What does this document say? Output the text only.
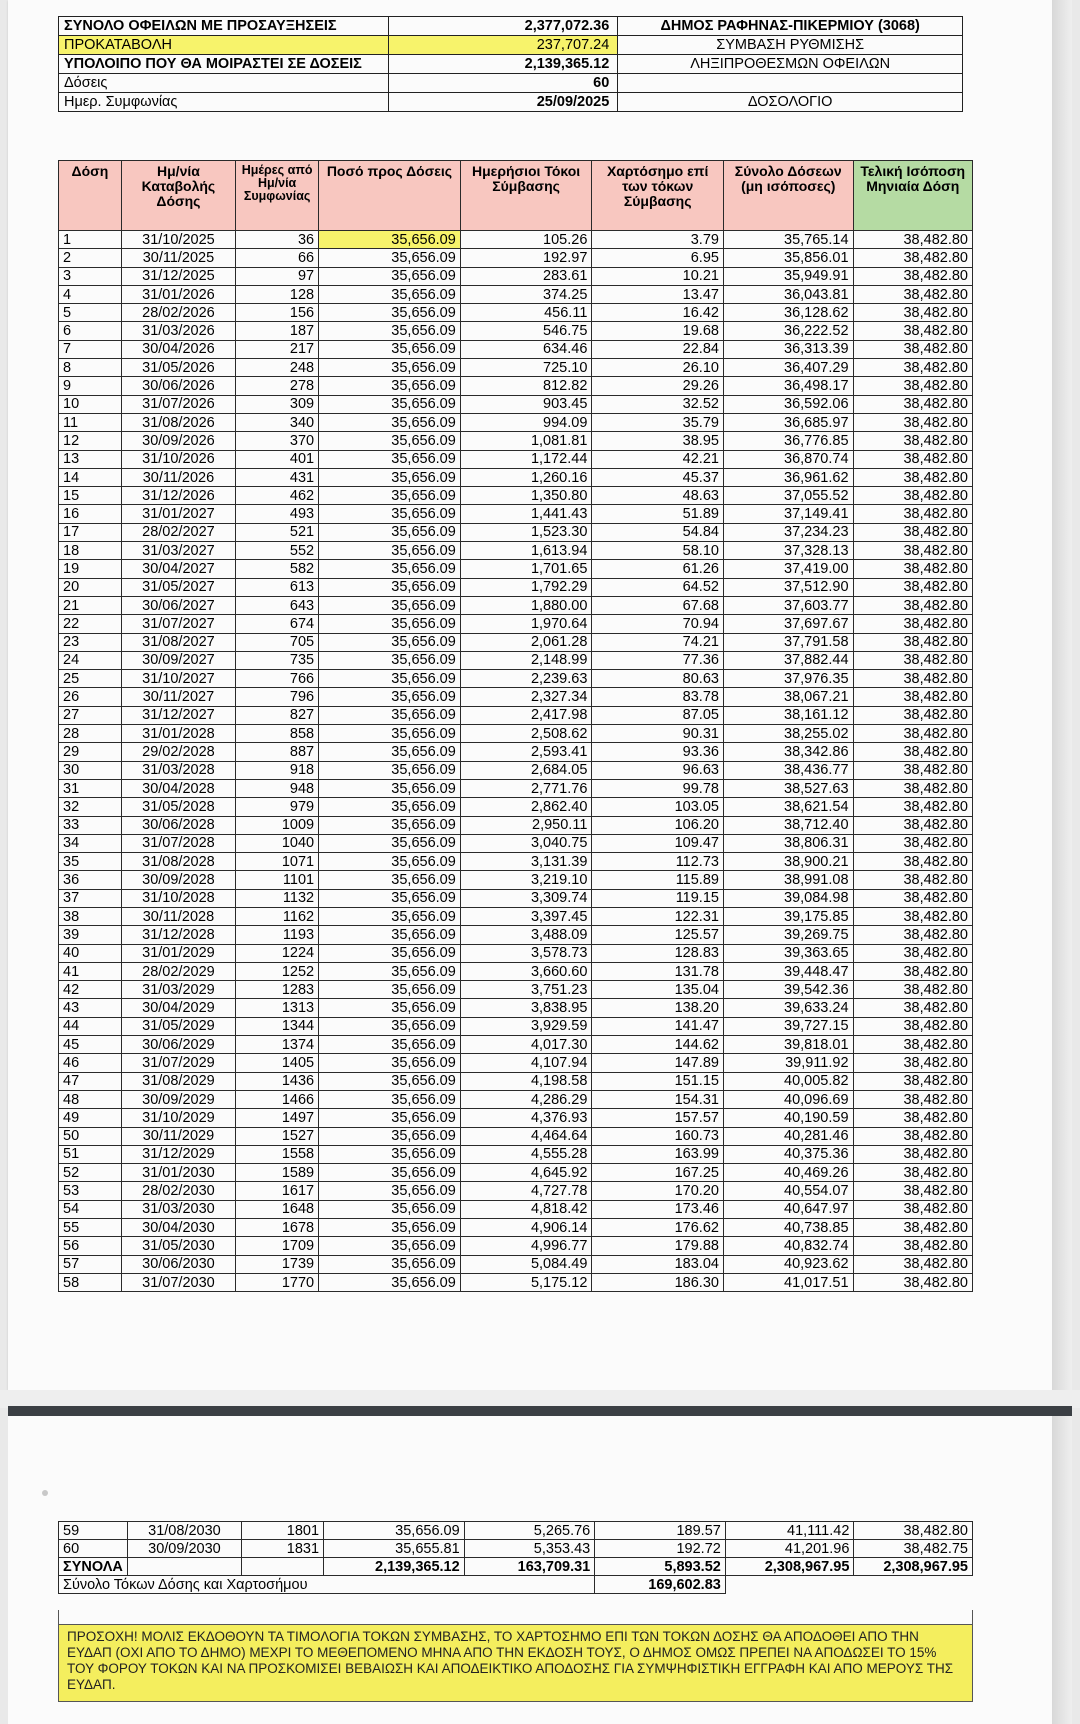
ΣΥΝΟΛΟ ΟΦΕΙΛΩΝ ΜΕ ΠΡΟΣΑΥΞΗΣΕΙΣ	2,377,072.36	ΔΗΜΟΣ ΡΑΦΗΝΑΣ-ΠΙΚΕΡΜΙΟΥ (3068)
ΠΡΟΚΑΤΑΒΟΛΗ	237,707.24	ΣΥΜΒΑΣΗ ΡΥΘΜΙΣΗΣ
ΥΠΟΛΟΙΠΟ ΠΟΥ ΘΑ ΜΟΙΡΑΣΤΕΙ ΣΕ ΔΟΣΕΙΣ	2,139,365.12	ΛΗΞΙΠΡΟΘΕΣΜΩΝ ΟΦΕΙΛΩΝ
Δόσεις	60	
Ημερ. Συμφωνίας	25/09/2025	ΔΟΣΟΛΟΓΙΟ
Δόση	Ημ/νία Καταβολής Δόσης	Ημέρες από Ημ/νία Συμφωνίας	Ποσό προς Δόσεις	Ημερήσιοι Τόκοι Σύμβασης	Χαρτόσημο επί των τόκων Σύμβασης	Σύνολο Δόσεων (μη ισόποσες)	Τελική Ισόποση Μηνιαία Δόση
1	31/10/2025	36	35,656.09	105.26	3.79	35,765.14	38,482.80
2	30/11/2025	66	35,656.09	192.97	6.95	35,856.01	38,482.80
3	31/12/2025	97	35,656.09	283.61	10.21	35,949.91	38,482.80
4	31/01/2026	128	35,656.09	374.25	13.47	36,043.81	38,482.80
5	28/02/2026	156	35,656.09	456.11	16.42	36,128.62	38,482.80
6	31/03/2026	187	35,656.09	546.75	19.68	36,222.52	38,482.80
7	30/04/2026	217	35,656.09	634.46	22.84	36,313.39	38,482.80
8	31/05/2026	248	35,656.09	725.10	26.10	36,407.29	38,482.80
9	30/06/2026	278	35,656.09	812.82	29.26	36,498.17	38,482.80
10	31/07/2026	309	35,656.09	903.45	32.52	36,592.06	38,482.80
11	31/08/2026	340	35,656.09	994.09	35.79	36,685.97	38,482.80
12	30/09/2026	370	35,656.09	1,081.81	38.95	36,776.85	38,482.80
13	31/10/2026	401	35,656.09	1,172.44	42.21	36,870.74	38,482.80
14	30/11/2026	431	35,656.09	1,260.16	45.37	36,961.62	38,482.80
15	31/12/2026	462	35,656.09	1,350.80	48.63	37,055.52	38,482.80
16	31/01/2027	493	35,656.09	1,441.43	51.89	37,149.41	38,482.80
17	28/02/2027	521	35,656.09	1,523.30	54.84	37,234.23	38,482.80
18	31/03/2027	552	35,656.09	1,613.94	58.10	37,328.13	38,482.80
19	30/04/2027	582	35,656.09	1,701.65	61.26	37,419.00	38,482.80
20	31/05/2027	613	35,656.09	1,792.29	64.52	37,512.90	38,482.80
21	30/06/2027	643	35,656.09	1,880.00	67.68	37,603.77	38,482.80
22	31/07/2027	674	35,656.09	1,970.64	70.94	37,697.67	38,482.80
23	31/08/2027	705	35,656.09	2,061.28	74.21	37,791.58	38,482.80
24	30/09/2027	735	35,656.09	2,148.99	77.36	37,882.44	38,482.80
25	31/10/2027	766	35,656.09	2,239.63	80.63	37,976.35	38,482.80
26	30/11/2027	796	35,656.09	2,327.34	83.78	38,067.21	38,482.80
27	31/12/2027	827	35,656.09	2,417.98	87.05	38,161.12	38,482.80
28	31/01/2028	858	35,656.09	2,508.62	90.31	38,255.02	38,482.80
29	29/02/2028	887	35,656.09	2,593.41	93.36	38,342.86	38,482.80
30	31/03/2028	918	35,656.09	2,684.05	96.63	38,436.77	38,482.80
31	30/04/2028	948	35,656.09	2,771.76	99.78	38,527.63	38,482.80
32	31/05/2028	979	35,656.09	2,862.40	103.05	38,621.54	38,482.80
33	30/06/2028	1009	35,656.09	2,950.11	106.20	38,712.40	38,482.80
34	31/07/2028	1040	35,656.09	3,040.75	109.47	38,806.31	38,482.80
35	31/08/2028	1071	35,656.09	3,131.39	112.73	38,900.21	38,482.80
36	30/09/2028	1101	35,656.09	3,219.10	115.89	38,991.08	38,482.80
37	31/10/2028	1132	35,656.09	3,309.74	119.15	39,084.98	38,482.80
38	30/11/2028	1162	35,656.09	3,397.45	122.31	39,175.85	38,482.80
39	31/12/2028	1193	35,656.09	3,488.09	125.57	39,269.75	38,482.80
40	31/01/2029	1224	35,656.09	3,578.73	128.83	39,363.65	38,482.80
41	28/02/2029	1252	35,656.09	3,660.60	131.78	39,448.47	38,482.80
42	31/03/2029	1283	35,656.09	3,751.23	135.04	39,542.36	38,482.80
43	30/04/2029	1313	35,656.09	3,838.95	138.20	39,633.24	38,482.80
44	31/05/2029	1344	35,656.09	3,929.59	141.47	39,727.15	38,482.80
45	30/06/2029	1374	35,656.09	4,017.30	144.62	39,818.01	38,482.80
46	31/07/2029	1405	35,656.09	4,107.94	147.89	39,911.92	38,482.80
47	31/08/2029	1436	35,656.09	4,198.58	151.15	40,005.82	38,482.80
48	30/09/2029	1466	35,656.09	4,286.29	154.31	40,096.69	38,482.80
49	31/10/2029	1497	35,656.09	4,376.93	157.57	40,190.59	38,482.80
50	30/11/2029	1527	35,656.09	4,464.64	160.73	40,281.46	38,482.80
51	31/12/2029	1558	35,656.09	4,555.28	163.99	40,375.36	38,482.80
52	31/01/2030	1589	35,656.09	4,645.92	167.25	40,469.26	38,482.80
53	28/02/2030	1617	35,656.09	4,727.78	170.20	40,554.07	38,482.80
54	31/03/2030	1648	35,656.09	4,818.42	173.46	40,647.97	38,482.80
55	30/04/2030	1678	35,656.09	4,906.14	176.62	40,738.85	38,482.80
56	31/05/2030	1709	35,656.09	4,996.77	179.88	40,832.74	38,482.80
57	30/06/2030	1739	35,656.09	5,084.49	183.04	40,923.62	38,482.80
58	31/07/2030	1770	35,656.09	5,175.12	186.30	41,017.51	38,482.80
59	31/08/2030	1801	35,656.09	5,265.76	189.57	41,111.42	38,482.80
60	30/09/2030	1831	35,655.81	5,353.43	192.72	41,201.96	38,482.75
ΣΥΝΟΛΑ			2,139,365.12	163,709.31	5,893.52	2,308,967.95	2,308,967.95
Σύνολο Τόκων Δόσης και Χαρτοσήμου					169,602.83		
ΠΡΟΣΟΧΗ! ΜΟΛΙΣ ΕΚΔΟΘΟΥΝ ΤΑ ΤΙΜΟΛΟΓΙΑ ΤΟΚΩΝ ΣΥΜΒΑΣΗΣ, ΤΟ ΧΑΡΤΟΣΗΜΟ ΕΠΙ ΤΩΝ ΤΟΚΩΝ ΔΟΣΗΣ ΘΑ ΑΠΟΔΟΘΕΙ ΑΠΟ ΤΗΝ ΕΥΔΑΠ (ΟΧΙ ΑΠΟ ΤΟ ΔΗΜΟ) ΜΕΧΡΙ ΤΟ ΜΕΘΕΠΟΜΕΝΟ ΜΗΝΑ ΑΠΟ ΤΗΝ ΕΚΔΟΣΗ ΤΟΥΣ, Ο ΔΗΜΟΣ ΟΜΩΣ ΠΡΕΠΕΙ ΝΑ ΑΠΟΔΩΣΕΙ ΤΟ 15% ΤΟΥ ΦΟΡΟΥ ΤΟΚΩΝ ΚΑΙ ΝΑ ΠΡΟΣΚΟΜΙΣΕΙ ΒΕΒΑΙΩΣΗ ΚΑΙ ΑΠΟΔΕΙΚΤΙΚΟ ΑΠΟΔΟΣΗΣ ΓΙΑ ΣΥΜΨΗΦΙΣΤΙΚΗ ΕΓΓΡΑΦΗ ΚΑΙ ΑΠΟ ΜΕΡΟΥΣ ΤΗΣ ΕΥΔΑΠ.
